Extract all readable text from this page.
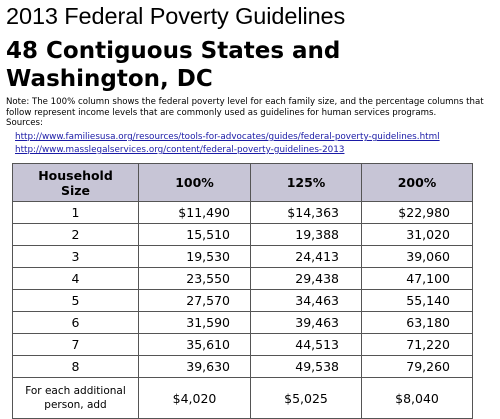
2013 Federal Poverty Guidelines
48 Contiguous States and Washington, DC
Note: The 100% column shows the federal poverty level for each family size, and the percentage columns that follow represent income levels that are commonly used as guidelines for human services programs.
Sources:
http://www.familiesusa.org/resources/tools-for-advocates/guides/federal-poverty-guidelines.html
http://www.masslegalservices.org/content/federal-poverty-guidelines-2013
Household Size	100%	125%	200%
1	$11,490	$14,363	$22,980
2	15,510	19,388	31,020
3	19,530	24,413	39,060
4	23,550	29,438	47,100
5	27,570	34,463	55,140
6	31,590	39,463	63,180
7	35,610	44,513	71,220
8	39,630	49,538	79,260
For each additional person, add	$4,020	$5,025	$8,040
